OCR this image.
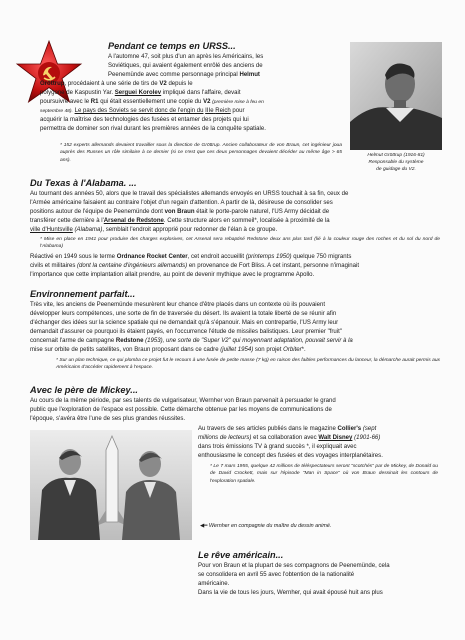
Pendant ce temps en URSS...
A l'automne 47, soit plus d'un an après les Américains, les
Soviétiques, qui avaient également enrôlé des anciens de
Peenemünde avec comme personnage principal Helmut
Gröttrup, procédaient à une série de tirs de V2 depuis le
polygone de Kaspustin Yar. Serguei Korolev impliqué dans l'affaire, devait
poursuivre avec le R1 qui était essentiellement une copie du V2 (première mise à feu en
septembre 48). Le pays des Soviets se servit donc de l'engin du IIIe Reich pour
acquérir la maîtrise des technologies des fusées et entamer des projets qui lui
permettra de dominer son rival durant les premières années de la conquête spatiale.
* 152 experts allemands devaient travailler sous la direction de Gröttrup. Ancien collaborateur de von Braun, cet ingénieur joua auprès des Russes un rôle similaire à ce dernier (si ce n'est que ces deux personnages devaient décéder au même âge > 65 ans).
Helmut Gröttrup (1916-81)
Responsable du système
de guidage du V2.
Du Texas à l'Alabama. ...
Au tournant des années 50, alors que le travail des spécialistes allemands envoyés en URSS touchait à sa fin, ceux de
l'Armée américaine faisaient au contraire l'objet d'un regain d'attention. A partir de là, désireuse de consolider ses
positions autour de l'équipe de Peenemünde dont von Braun était le porte-parole naturel, l'US Army décidait de
transférer cette dernière à l'Arsenal de Redstone. Cette structure alors en sommeil*, localisée à proximité de la
ville d'Huntsville (Alabama), semblait l'endroit approprié pour redonner de l'élan à ce groupe.
* Mise en place en 1941 pour produire des charges explosives, cet Arsenal sera rebaptisé Redstone deux ans plus tard (lié à la couleur rouge des roches et du sol du nord de l'Alabama)
Réactivé en 1949 sous le terme Ordnance Rocket Center, cet endroit accueillit (printemps 1950) quelque 750 migrants
civils et militaires (dont la centaine d'ingénieurs allemands) en provenance de Fort Bliss. A cet instant, personne n'imaginait
l'importance que cette implantation allait prendre, au point de devenir mythique avec le programme Apollo.
Environnement parfait...
Très vite, les anciens de Peenemünde mesurèrent leur chance d'être placés dans un contexte où ils pouvaient
développer leurs compétences, une sorte de fin de traversée du désert. Ils avaient la totale liberté de se réunir afin
d'échanger des idées sur la science spatiale qui ne demandait qu'à s'épanouir. Mais en contrepartie, l'US Army leur
demandait d'assurer ce pourquoi ils étaient payés, en l'occurrence l'étude de missiles balistiques. Leur premier "fruit"
concernait l'arme de campagne Redstone (1953), une sorte de "Super V2" qui moyennant adaptation, pouvait servir à la
mise sur orbite de petits satellites, von Braun proposant dans ce cadre (juillet 1954) son projet Orbiter*.
* Sur un plan technique, ce qui plomba ce projet fut le recours à une fusée de petite masse (7 kg) en raison des faibles performances du lanceur, la démarche aurait permis aux Américains d'accéder rapidement à l'espace.
Avec le père de Mickey...
Au cours de la même période, par ses talents de vulgarisateur, Wernher von Braun parvenait à persuader le grand
public que l'exploration de l'espace est possible. Cette démarche obtenue par les moyens de communications de
l'époque, s'avéra être l'une de ses plus grandes réussites.
Au travers de ses articles publiés dans le magazine Collier's (sept
millions de lecteurs) et sa collaboration avec Walt Disney (1901-66)
dans trois émissions TV à grand succès *, il expliquait avec
enthousiasme le concept des fusées et des voyages interplanétaires.
* Le 7 mars 1955, quelque 42 millions de téléspectateurs seront "scotchés" par de Mickey, de Donald ou de David Crockett, mais sur l'épisode "Man in Space" où von Braun dessinait les contours de l'exploration spatiale.
◀━ Wernher en compagnie du maître du dessin animé.
Le rêve américain...
Pour von Braun et la plupart de ses compagnons de Peenemünde, cela
se consolidera en avril 55 avec l'obtention de la nationalité
américaine.
Dans la vie de tous les jours, Wernher, qui avait épousé huit ans plus
